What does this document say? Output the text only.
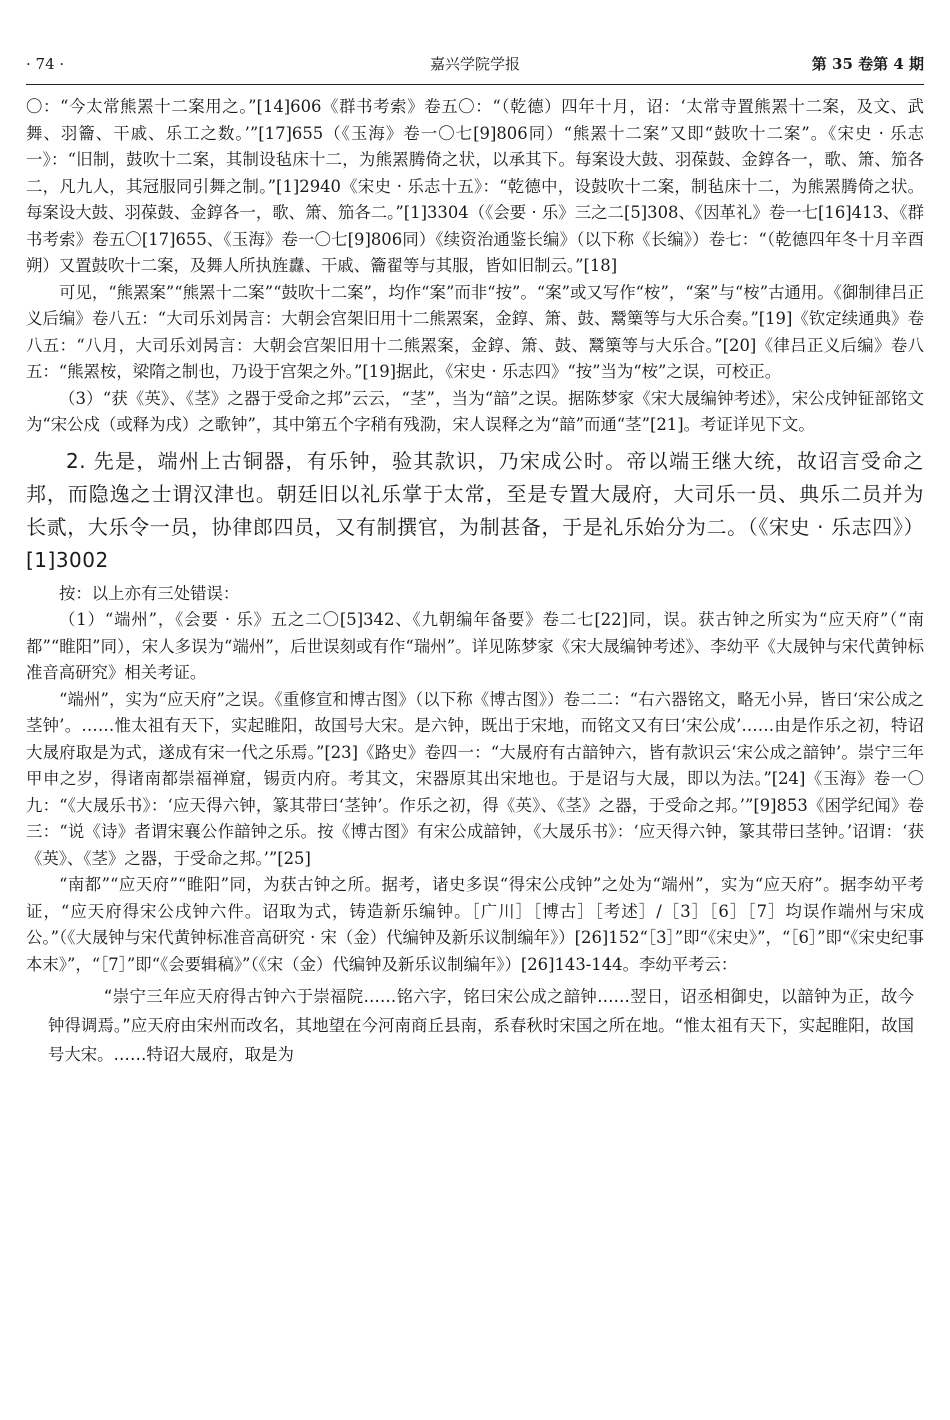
· 74 ·	嘉兴学院学报	第 35 卷第 4 期

〇：“今太常熊罴十二案用之。”[14]606《群书考索》卷五〇：“（乾德）四年十月，诏：‘太常寺置熊罴十二案，及文、武舞、羽籥、干戚、乐工之数。’”[17]655（《玉海》卷一〇七[9]806同）“熊罴十二案”又即“鼓吹十二案”。《宋史 · 乐志一》：“旧制，鼓吹十二案，其制设毡床十二，为熊罴腾倚之状，以承其下。每案设大鼓、羽葆鼓、金錞各一，歌、箫、笳各二，凡九人，其冠服同引舞之制。”[1]2940《宋史 · 乐志十五》：“乾德中，设鼓吹十二案，制毡床十二，为熊罴腾倚之状。每案设大鼓、羽葆鼓、金錞各一，歌、箫、笳各二。”[1]3304（《会要 · 乐》三之二[5]308、《因革礼》卷一七[16]413、《群书考索》卷五〇[17]655、《玉海》卷一〇七[9]806同）《续资治通鉴长编》（以下称《长编》）卷七：“（乾德四年冬十月辛酉朔）又置鼓吹十二案，及舞人所执旌纛、干戚、籥翟等与其服，皆如旧制云。”[18]

可见，“熊罴案”“熊罴十二案”“鼓吹十二案”，均作“案”而非“按”。“案”或又写作“桉”，“案”与“桉”古通用。《御制律吕正义后编》卷八五：“大司乐刘昺言：大朝会宫架旧用十二熊罴案，金錞、箫、鼓、鬵篥等与大乐合奏。”[19]《钦定续通典》卷八五：“八月，大司乐刘昺言：大朝会宫架旧用十二熊罴案，金錞、箫、鼓、鬵篥等与大乐合。”[20]《律吕正义后编》卷八五：“熊罴桉，梁隋之制也，乃设于宫架之外。”[19]据此，《宋史 · 乐志四》“按”当为“桉”之误，可校正。

（3）“获《英》、《茎》之器于受命之邦”云云，“茎”，当为“䪭”之误。据陈梦家《宋大晟编钟考述》，宋公戌钟钲部铭文为“宋公戍（或释为戌）之歌钟”，其中第五个字稍有残泐，宋人误释之为“䪭”而通“茎”[21]。考证详见下文。

2. 先是，端州上古铜器，有乐钟，验其款识，乃宋成公时。帝以端王继大统，故诏言受命之邦，而隐逸之士谓汉津也。朝廷旧以礼乐掌于太常，至是专置大晟府，大司乐一员、典乐二员并为长贰，大乐令一员，协律郎四员，又有制撰官，为制甚备，于是礼乐始分为二。（《宋史 · 乐志四》）[1]3002

按：以上亦有三处错误：

（1）“端州”，《会要 · 乐》五之二〇[5]342、《九朝编年备要》卷二七[22]同，误。获古钟之所实为“应天府”（“南都”“睢阳”同），宋人多误为“端州”，后世误刻或有作“瑞州”。详见陈梦家《宋大晟编钟考述》、李幼平《大晟钟与宋代黄钟标准音高研究》相关考证。

“端州”，实为“应天府”之误。《重修宣和博古图》（以下称《博古图》）卷二二：“右六器铭文，略无小异，皆曰‘宋公成之茎钟’。……惟太祖有天下，实起睢阳，故国号大宋。是六钟，既出于宋地，而铭文又有曰‘宋公成’……由是作乐之初，特诏大晟府取是为式，遂成有宋一代之乐焉。”[23]《路史》卷四一：“大晟府有古䪭钟六，皆有款识云‘宋公成之䪭钟’。崇宁三年甲申之岁，得诸南都崇福禅窟，锡贡内府。考其文，宋器原其出宋地也。于是诏与大晟，即以为法。”[24]《玉海》卷一〇九：“《大晟乐书》：‘应天得六钟，篆其带曰‘茎钟’。作乐之初，得《英》、《茎》之器，于受命之邦。’”[9]853《困学纪闻》卷三：“说《诗》者谓宋襄公作䪭钟之乐。按《博古图》有宋公成䪭钟，《大晟乐书》：‘应天得六钟，篆其带曰茎钟。’诏谓：‘获《英》、《茎》之器，于受命之邦。’”[25]

“南都”“应天府”“睢阳”同，为获古钟之所。据考，诸史多误“得宋公戌钟”之处为“端州”，实为“应天府”。据李幼平考证，“应天府得宋公戌钟六件。诏取为式，铸造新乐编钟。［广川］［博古］［考述］/［3］［6］［7］均误作端州与宋成公。”（《大晟钟与宋代黄钟标准音高研究 · 宋（金）代编钟及新乐议制编年》）[26]152“［3］”即“《宋史》”，“［6］”即“《宋史纪事本末》”，“［7］”即“《会要辑稿》”（《宋（金）代编钟及新乐议制编年》）[26]143-144。李幼平考云：

“崇宁三年应天府得古钟六于崇福院……铭六字，铭曰宋公成之䪭钟……翌日，诏丞相御史，以䪭钟为正，故今钟得调焉。”应天府由宋州而改名，其地望在今河南商丘县南，系春秋时宋国之所在地。“惟太祖有天下，实起睢阳，故国号大宋。……特诏大晟府，取是为
